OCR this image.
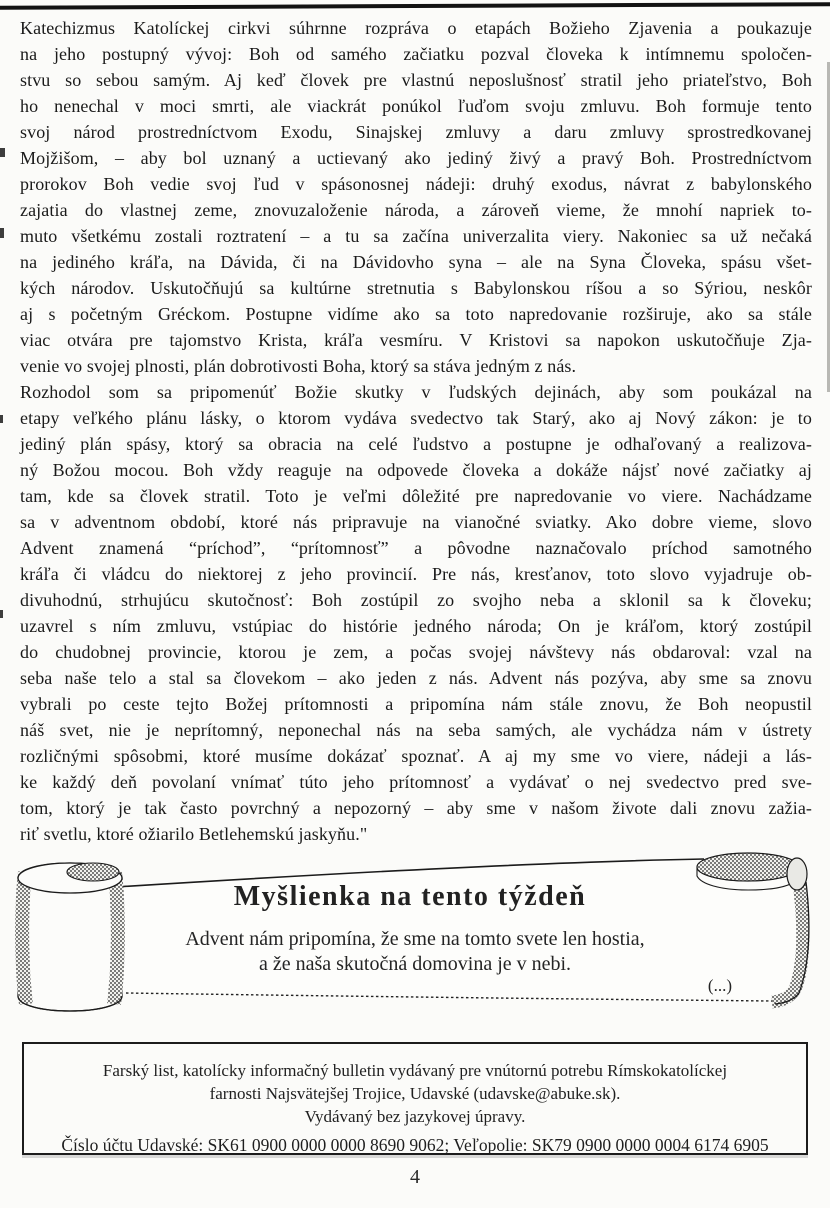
Katechizmus Katolíckej cirkvi súhrnne rozpráva o etapách Božieho Zjavenia a poukazuje
na jeho postupný vývoj: Boh od samého začiatku pozval človeka k intímnemu spoločen-
stvu so sebou samým. Aj keď človek pre vlastnú neposlušnosť stratil jeho priateľstvo, Boh
ho nenechal v moci smrti, ale viackrát ponúkol ľuďom svoju zmluvu. Boh formuje tento
svoj národ prostredníctvom Exodu, Sinajskej zmluvy a daru zmluvy sprostredkovanej
Mojžišom, – aby bol uznaný a uctievaný ako jediný živý a pravý Boh. Prostredníctvom
prorokov Boh vedie svoj ľud v spásonosnej nádeji: druhý exodus, návrat z babylonského
zajatia do vlastnej zeme, znovuzaloženie národa, a zároveň vieme, že mnohí napriek to-
muto všetkému zostali roztratení – a tu sa začína univerzalita viery. Nakoniec sa už nečaká
na jediného kráľa, na Dávida, či na Dávidovho syna – ale na Syna Človeka, spásu všet-
kých národov. Uskutočňujú sa kultúrne stretnutia s Babylonskou ríšou a so Sýriou, neskôr
aj s početným Gréckom. Postupne vidíme ako sa toto napredovanie rozširuje, ako sa stále
viac otvára pre tajomstvo Krista, kráľa vesmíru. V Kristovi sa napokon uskutočňuje Zja-
venie vo svojej plnosti, plán dobrotivosti Boha, ktorý sa stáva jedným z nás.
Rozhodol som sa pripomenúť Božie skutky v ľudských dejinách, aby som poukázal na
etapy veľkého plánu lásky, o ktorom vydáva svedectvo tak Starý, ako aj Nový zákon: je to
jediný plán spásy, ktorý sa obracia na celé ľudstvo a postupne je odhaľovaný a realizova-
ný Božou mocou. Boh vždy reaguje na odpovede človeka a dokáže nájsť nové začiatky aj
tam, kde sa človek stratil. Toto je veľmi dôležité pre napredovanie vo viere. Nachádzame
sa v adventnom období, ktoré nás pripravuje na vianočné sviatky. Ako dobre vieme, slovo
Advent znamená “príchod”, “prítomnosť” a pôvodne naznačovalo príchod samotného
kráľa či vládcu do niektorej z jeho provincií. Pre nás, kresťanov, toto slovo vyjadruje ob-
divuhodnú, strhujúcu skutočnosť: Boh zostúpil zo svojho neba a sklonil sa k človeku;
uzavrel s ním zmluvu, vstúpiac do histórie jedného národa; On je kráľom, ktorý zostúpil
do chudobnej provincie, ktorou je zem, a počas svojej návštevy nás obdaroval: vzal na
seba naše telo a stal sa človekom – ako jeden z nás. Advent nás pozýva, aby sme sa znovu
vybrali po ceste tejto Božej prítomnosti a pripomína nám stále znovu, že Boh neopustil
náš svet, nie je neprítomný, neponechal nás na seba samých, ale vychádza nám v ústrety
rozličnými spôsobmi, ktoré musíme dokázať spoznať. A aj my sme vo viere, nádeji a lás-
ke každý deň povolaní vnímať túto jeho prítomnosť a vydávať o nej svedectvo pred sve-
tom, ktorý je tak často povrchný a nepozorný – aby sme v našom živote dali znovu zažia-
riť svetlu, ktoré ožiarilo Betlehemskú jaskyňu."
Myšlienka na tento týždeň
Advent nám pripomína, že sme na tomto svete len hostia,
a že naša skutočná domovina je v nebi.
(...)
Farský list, katolícky informačný bulletin vydávaný pre vnútornú potrebu Rímskokatolíckej
farnosti Najsvätejšej Trojice, Udavské (udavske@abuke.sk).
Vydávaný bez jazykovej úpravy.
Číslo účtu Udavské: SK61 0900 0000 0000 8690 9062; Veľopolie: SK79 0900 0000 0004 6174 6905
4
